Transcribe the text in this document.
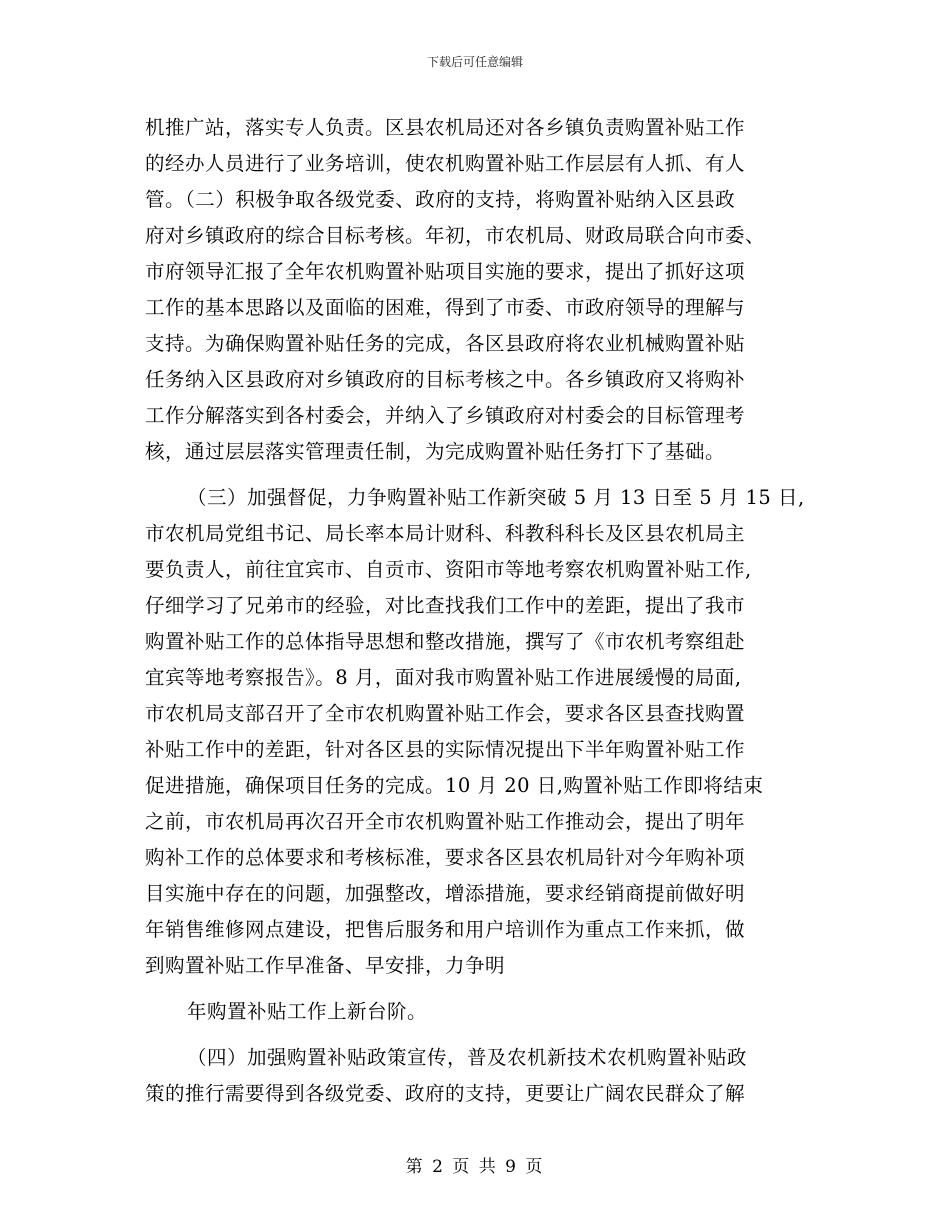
下载后可任意编辑
机推广站，落实专人负责。区县农机局还对各乡镇负责购置补贴工作
的经办人员进行了业务培训，使农机购置补贴工作层层有人抓、有人
管。（二）积极争取各级党委、政府的支持，将购置补贴纳入区县政
府对乡镇政府的综合目标考核。年初，市农机局、财政局联合向市委、
市府领导汇报了全年农机购置补贴项目实施的要求，提出了抓好这项
工作的基本思路以及面临的困难，得到了市委、市政府领导的理解与
支持。为确保购置补贴任务的完成，各区县政府将农业机械购置补贴
任务纳入区县政府对乡镇政府的目标考核之中。各乡镇政府又将购补
工作分解落实到各村委会，并纳入了乡镇政府对村委会的目标管理考
核，通过层层落实管理责任制，为完成购置补贴任务打下了基础。
（三）加强督促，力争购置补贴工作新突破 5 月 13 日至 5 月 15 日,
市农机局党组书记、局长率本局计财科、科教科科长及区县农机局主
要负责人，前往宜宾市、自贡市、资阳市等地考察农机购置补贴工作,
仔细学习了兄弟市的经验，对比查找我们工作中的差距，提出了我市
购置补贴工作的总体指导思想和整改措施，撰写了《市农机考察组赴
宜宾等地考察报告》。8 月，面对我市购置补贴工作进展缓慢的局面,
市农机局支部召开了全市农机购置补贴工作会，要求各区县查找购置
补贴工作中的差距，针对各区县的实际情况提出下半年购置补贴工作
促进措施，确保项目任务的完成。10 月 20 日,购置补贴工作即将结束
之前，市农机局再次召开全市农机购置补贴工作推动会，提出了明年
购补工作的总体要求和考核标准，要求各区县农机局针对今年购补项
目实施中存在的问题，加强整改，增添措施，要求经销商提前做好明
年销售维修网点建设，把售后服务和用户培训作为重点工作来抓，做
到购置补贴工作早准备、早安排，力争明
年购置补贴工作上新台阶。
（四）加强购置补贴政策宣传，普及农机新技术农机购置补贴政
策的推行需要得到各级党委、政府的支持，更要让广阔农民群众了解
第 2 页 共 9 页
